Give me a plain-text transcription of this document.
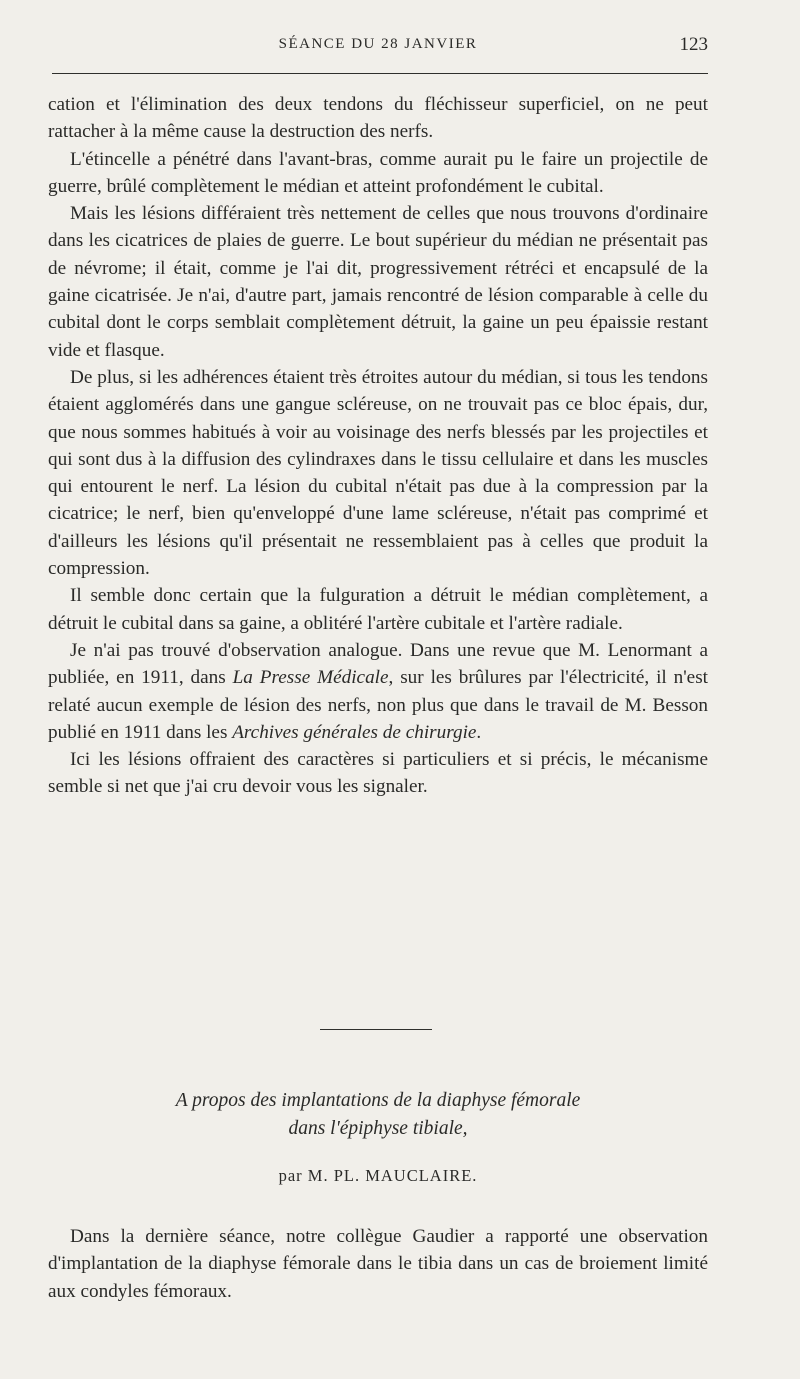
SÉANCE DU 28 JANVIER	123

cation et l'élimination des deux tendons du fléchisseur superficiel, on ne peut rattacher à la même cause la destruction des nerfs.

L'étincelle a pénétré dans l'avant-bras, comme aurait pu le faire un projectile de guerre, brûlé complètement le médian et atteint profondément le cubital.

Mais les lésions différaient très nettement de celles que nous trouvons d'ordinaire dans les cicatrices de plaies de guerre. Le bout supérieur du médian ne présentait pas de névrome; il était, comme je l'ai dit, progressivement rétréci et encapsulé de la gaine cicatrisée. Je n'ai, d'autre part, jamais rencontré de lésion comparable à celle du cubital dont le corps semblait complètement détruit, la gaine un peu épaissie restant vide et flasque.

De plus, si les adhérences étaient très étroites autour du médian, si tous les tendons étaient agglomérés dans une gangue scléreuse, on ne trouvait pas ce bloc épais, dur, que nous sommes habitués à voir au voisinage des nerfs blessés par les projectiles et qui sont dus à la diffusion des cylindraxes dans le tissu cellulaire et dans les muscles qui entourent le nerf. La lésion du cubital n'était pas due à la compression par la cicatrice; le nerf, bien qu'enveloppé d'une lame scléreuse, n'était pas comprimé et d'ailleurs les lésions qu'il présentait ne ressemblaient pas à celles que produit la compression.

Il semble donc certain que la fulguration a détruit le médian complètement, a détruit le cubital dans sa gaine, a oblitéré l'artère cubitale et l'artère radiale.

Je n'ai pas trouvé d'observation analogue. Dans une revue que M. Lenormant a publiée, en 1911, dans La Presse Médicale, sur les brûlures par l'électricité, il n'est relaté aucun exemple de lésion des nerfs, non plus que dans le travail de M. Besson publié en 1911 dans les Archives générales de chirurgie.

Ici les lésions offraient des caractères si particuliers et si précis, le mécanisme semble si net que j'ai cru devoir vous les signaler.

A propos des implantations de la diaphyse fémorale
dans l'épiphyse tibiale,
par M. PL. MAUCLAIRE.

Dans la dernière séance, notre collègue Gaudier a rapporté une observation d'implantation de la diaphyse fémorale dans le tibia dans un cas de broiement limité aux condyles fémoraux.
